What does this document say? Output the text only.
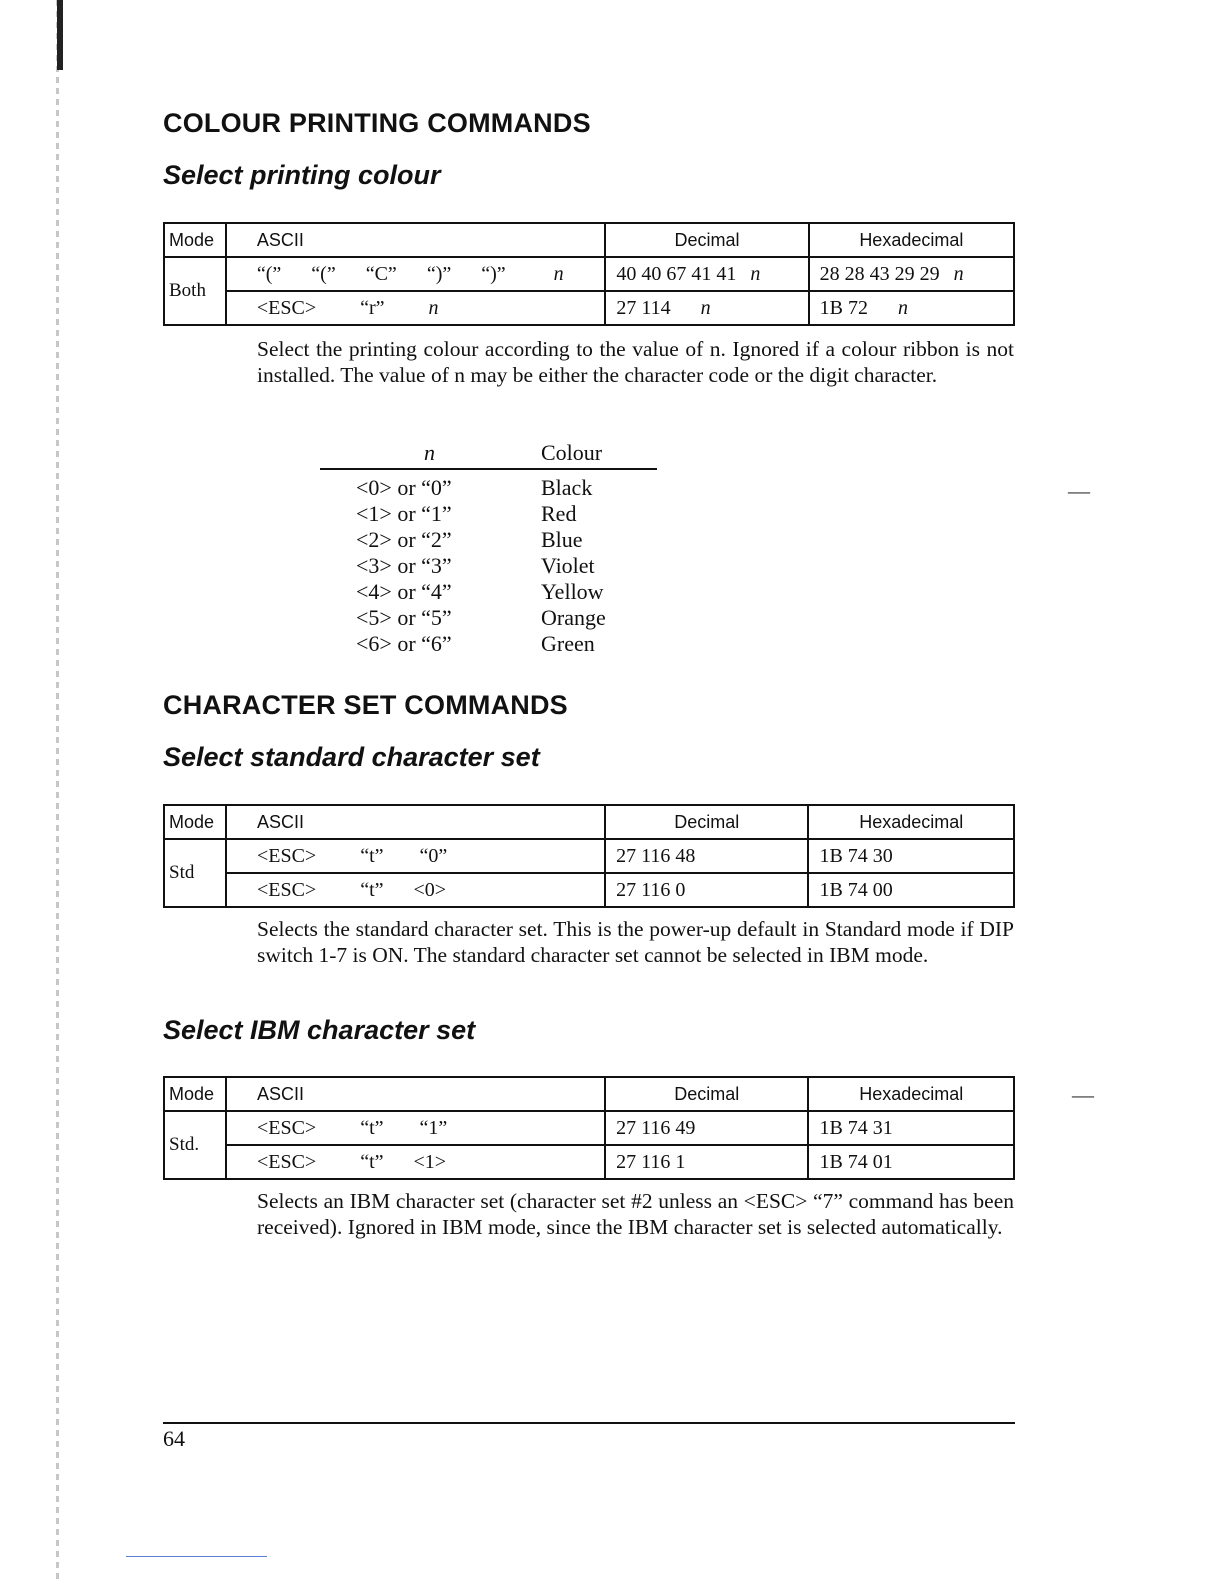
COLOUR PRINTING COMMANDS
Select printing colour
Mode	ASCII	Decimal	Hexadecimal
Both	“(” “(” “C” “)” “)” n	40 40 67 41 41 n	28 28 43 29 29 n
	<ESC> “r” n	27 114 n	1B 72 n

Select the printing colour according to the value of n. Ignored if a colour ribbon is not installed. The value of n may be either the character code or the digit character.

n	Colour
<0> or “0”	Black
<1> or “1”	Red
<2> or “2”	Blue
<3> or “3”	Violet
<4> or “4”	Yellow
<5> or “5”	Orange
<6> or “6”	Green
CHARACTER SET COMMANDS
Select standard character set
Mode	ASCII	Decimal	Hexadecimal
Std	<ESC> “t” “0”	27 116 48	1B 74 30
	<ESC> “t” <0>	27 116 0	1B 74 00

Selects the standard character set. This is the power-up default in Standard mode if DIP switch 1-7 is ON. The standard character set cannot be selected in IBM mode.

Select IBM character set
Mode	ASCII	Decimal	Hexadecimal
Std.	<ESC> “t” “1”	27 116 49	1B 74 31
	<ESC> “t” <1>	27 116 1	1B 74 01

Selects an IBM character set (character set #2 unless an <ESC> “7” command has been received). Ignored in IBM mode, since the IBM character set is selected automatically.

64
—
—
